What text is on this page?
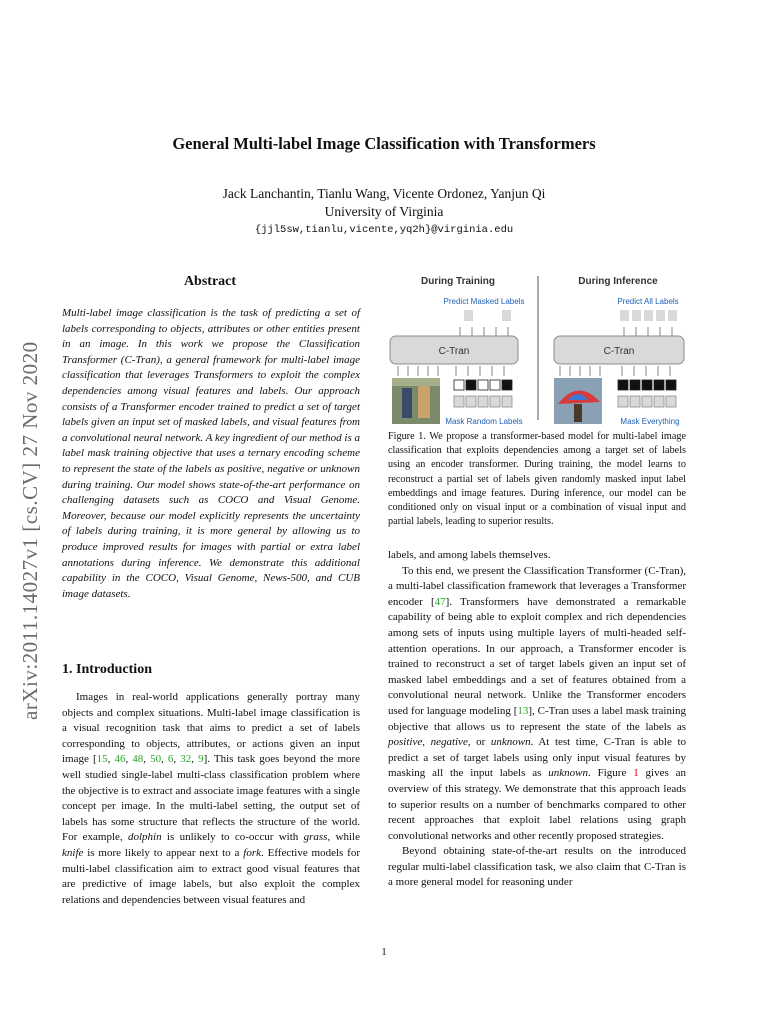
General Multi-label Image Classification with Transformers
Jack Lanchantin, Tianlu Wang, Vicente Ordonez, Yanjun Qi
University of Virginia
{jjl5sw,tianlu,vicente,yq2h}@virginia.edu
arXiv:2011.14027v1 [cs.CV] 27 Nov 2020
Abstract

Multi-label image classification is the task of predicting a set of labels corresponding to objects, attributes or other entities present in an image. In this work we propose the Classification Transformer (C-Tran), a general framework for multi-label image classification that leverages Transformers to exploit the complex dependencies among visual features and labels. Our approach consists of a Transformer encoder trained to predict a set of target labels given an input set of masked labels, and visual features from a convolutional neural network. A key ingredient of our method is a label mask training objective that uses a ternary encoding scheme to represent the state of the labels as positive, negative or unknown during training. Our model shows state-of-the-art performance on challenging datasets such as COCO and Visual Genome. Moreover, because our model explicitly represents the uncertainty of labels during training, it is more general by allowing us to produce improved results for images with partial or extra label annotations during inference. We demonstrate this additional capability in the COCO, Visual Genome, News-500, and CUB image datasets.

1. Introduction

Images in real-world applications generally portray many objects and complex situations. Multi-label image classification is a visual recognition task that aims to predict a set of labels corresponding to objects, attributes, or actions given an input image [15, 46, 48, 50, 6, 32, 9]. This task goes beyond the more well studied single-label multi-class classification problem where the objective is to extract and associate image features with a single concept per image. In the multi-label setting, the output set of labels has some structure that reflects the structure of the world. For example, dolphin is unlikely to co-occur with grass, while knife is more likely to appear next to a fork. Effective models for multi-label classification aim to extract good visual features that are predictive of image labels, but also exploit the complex relations and dependencies between visual features and

During Training	During Inference
Predict Masked Labels	Predict All Labels
C-Tran
Mask Random Labels
C-Tran
Mask Everything

Figure 1. We propose a transformer-based model for multi-label image classification that exploits dependencies among a target set of labels using an encoder transformer. During training, the model learns to reconstruct a partial set of labels given randomly masked input label embeddings and image features. During inference, our model can be conditioned only on visual input or a combination of visual input and partial labels, leading to superior results.

labels, and among labels themselves.

To this end, we present the Classification Transformer (C-Tran), a multi-label classification framework that leverages a Transformer encoder [47]. Transformers have demonstrated a remarkable capability of being able to exploit complex and rich dependencies among sets of inputs using multiple layers of multi-headed self-attention operations. In our approach, a Transformer encoder is trained to reconstruct a set of target labels given an input set of masked label embeddings and a set of features obtained from a convolutional neural network. Unlike the Transformer encoders used for language modeling [13], C-Tran uses a label mask training objective that allows us to represent the state of the labels as positive, negative, or unknown. At test time, C-Tran is able to predict a set of target labels using only input visual features by masking all the input labels as unknown. Figure 1 gives an overview of this strategy. We demonstrate that this approach leads to superior results on a number of benchmarks compared to other recent approaches that exploit label relations using graph convolutional networks and other recently proposed strategies.

Beyond obtaining state-of-the-art results on the introduced regular multi-label classification task, we also claim that C-Tran is a more general model for reasoning under

1
